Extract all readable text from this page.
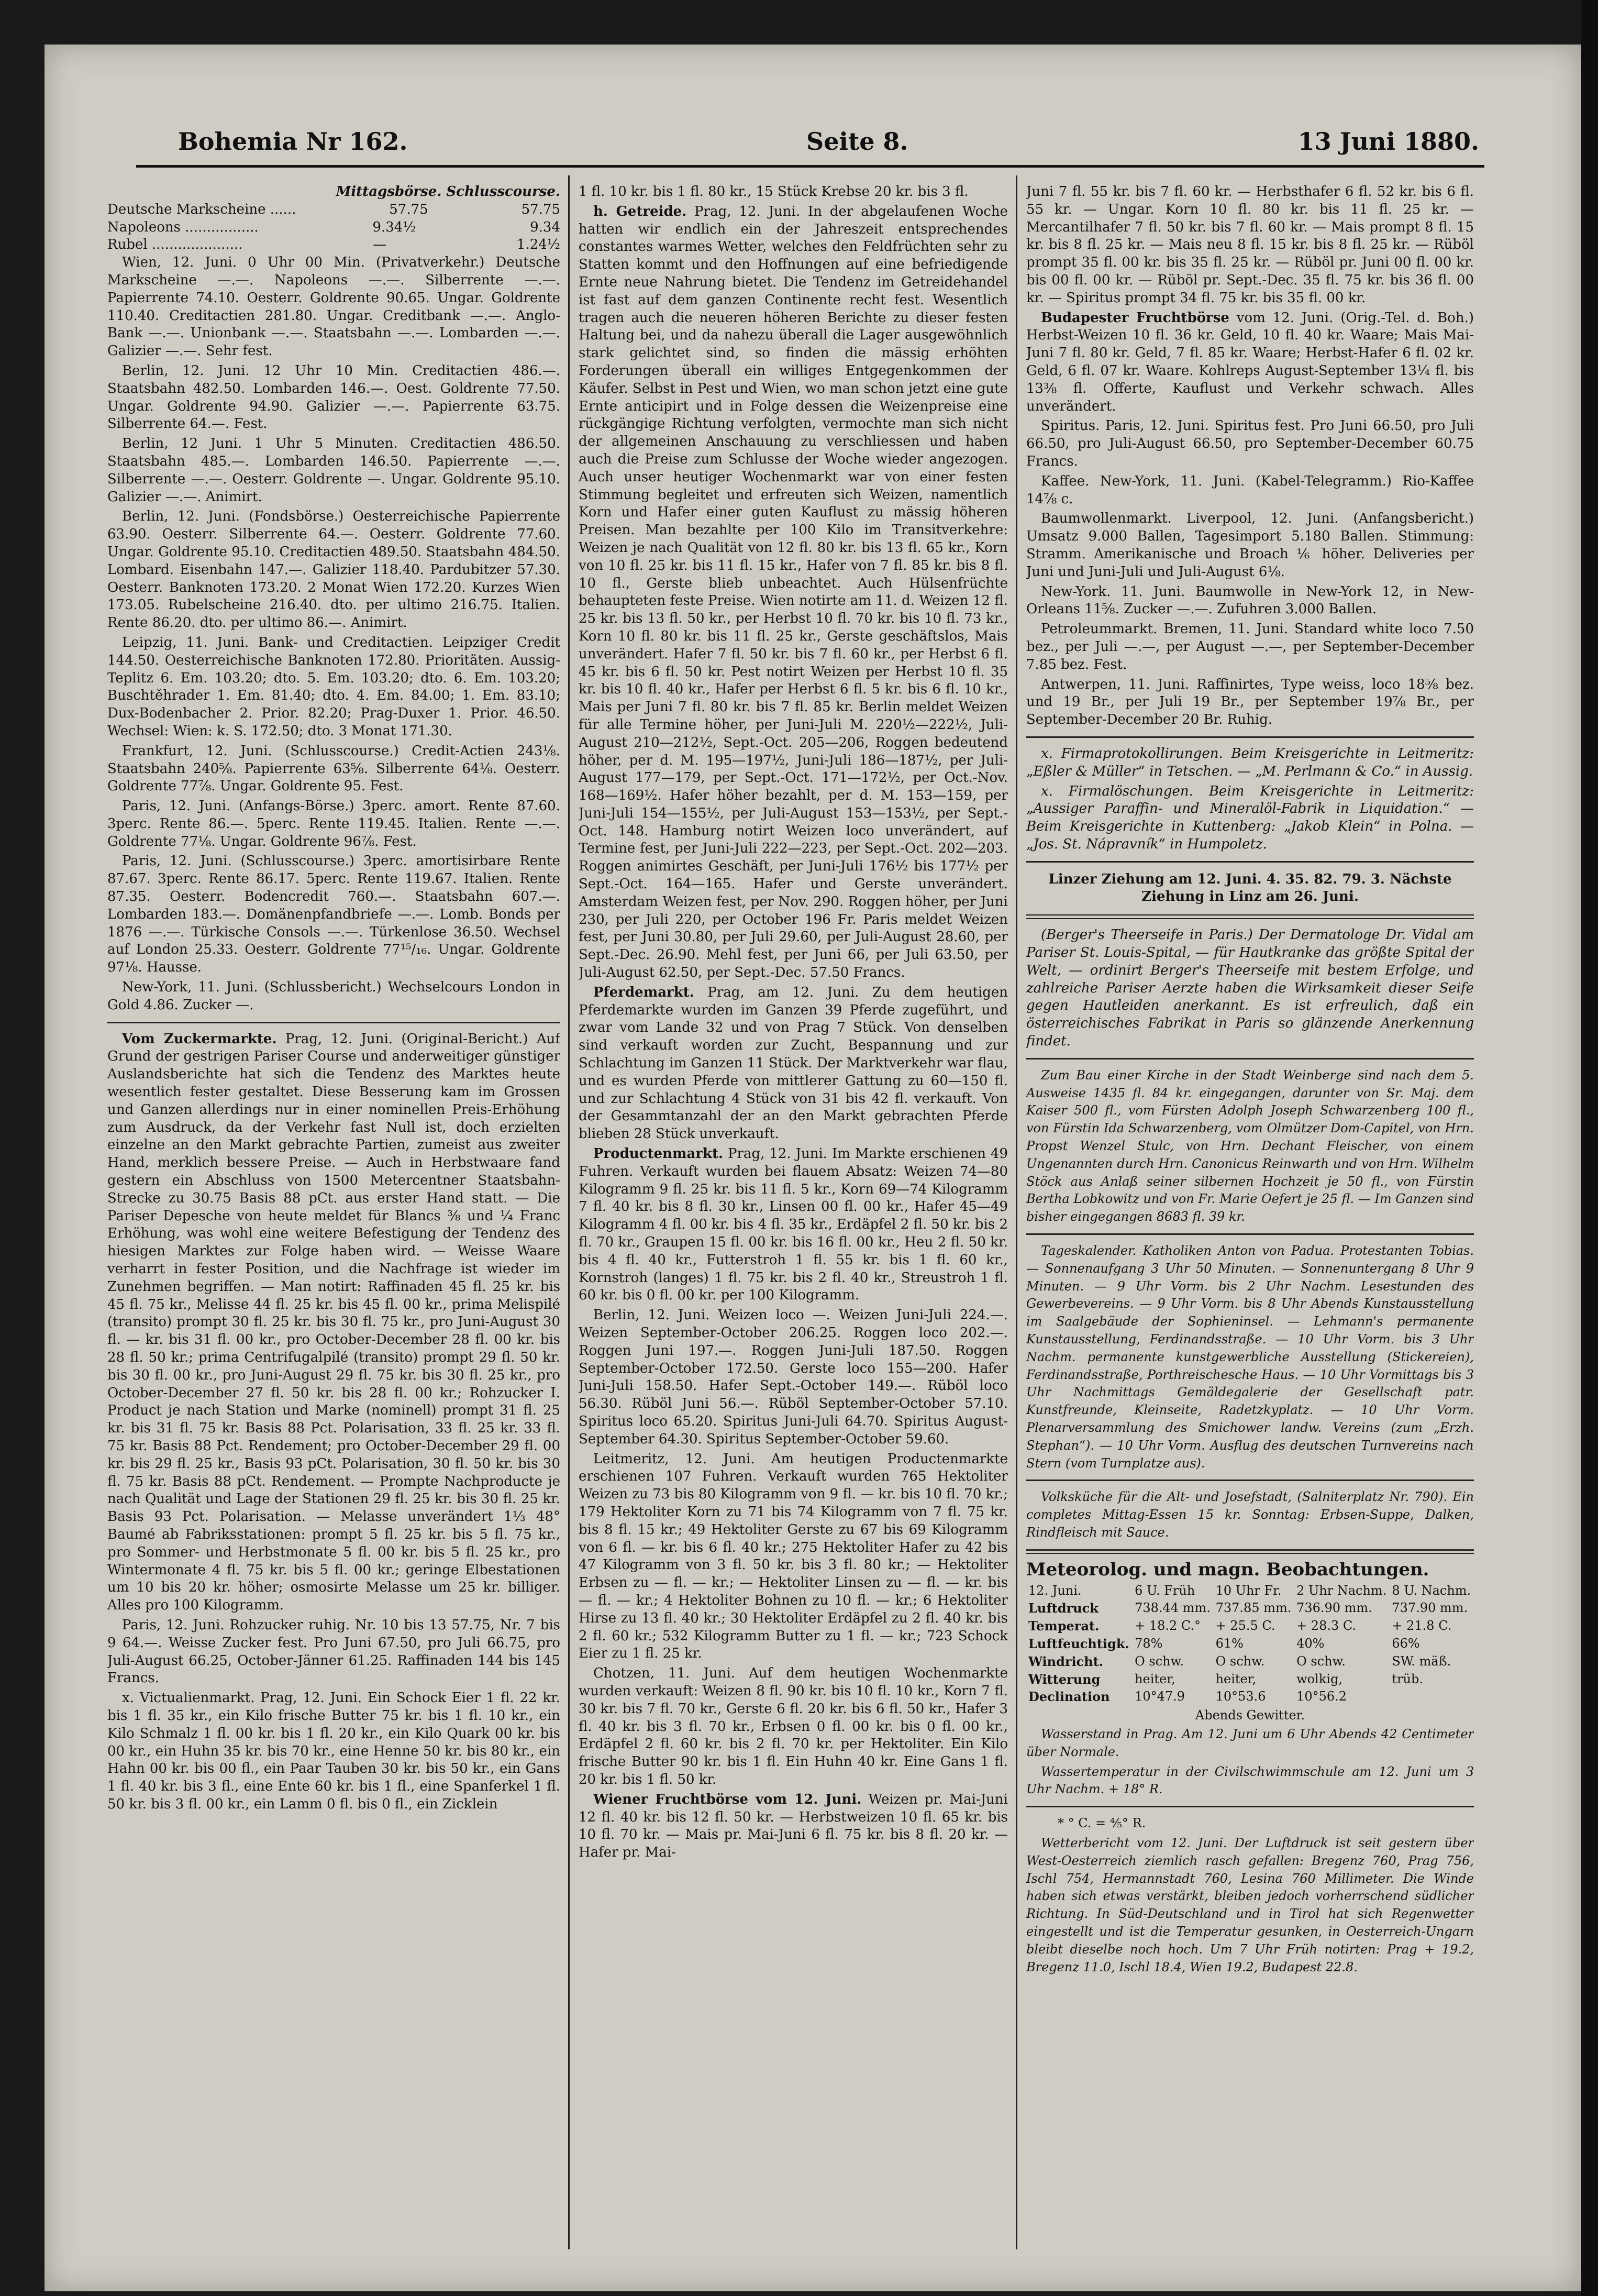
Bohemia Nr 162.	Seite 8.	13 Juni 1880.
Mittagsbörse. Schlusscourse.
Deutsche Markscheine ......	57.75	57.75
Napoleons .................	9.34½	9.34
Rubel .....................	—	1.24½

Wien, 12. Juni. 0 Uhr 00 Min. (Privatverkehr.) Deutsche Markscheine —.—. Napoleons —.—. Silberrente —.—. Papierrente 74.10. Oesterr. Goldrente 90.65. Ungar. Goldrente 110.40. Creditactien 281.80. Ungar. Creditbank —.—. Anglo-Bank —.—. Unionbank —.—. Staatsbahn —.—. Lombarden —.—. Galizier —.—. Sehr fest.

Berlin, 12. Juni. 12 Uhr 10 Min. Creditactien 486.—. Staatsbahn 482.50. Lombarden 146.—. Oest. Goldrente 77.50. Ungar. Goldrente 94.90. Galizier —.—. Papierrente 63.75. Silberrente 64.—. Fest.

Berlin, 12 Juni. 1 Uhr 5 Minuten. Creditactien 486.50. Staatsbahn 485.—. Lombarden 146.50. Papierrente —.—. Silberrente —.—. Oesterr. Goldrente —. Ungar. Goldrente 95.10. Galizier —.—. Animirt.

Berlin, 12. Juni. (Fondsbörse.) Oesterreichische Papierrente 63.90. Oesterr. Silberrente 64.—. Oesterr. Goldrente 77.60. Ungar. Goldrente 95.10. Creditactien 489.50. Staatsbahn 484.50. Lombard. Eisenbahn 147.—. Galizier 118.40. Pardubitzer 57.30. Oesterr. Banknoten 173.20. 2 Monat Wien 172.20. Kurzes Wien 173.05. Rubelscheine 216.40. dto. per ultimo 216.75. Italien. Rente 86.20. dto. per ultimo 86.—. Animirt.

Leipzig, 11. Juni. Bank- und Creditactien. Leipziger Credit 144.50. Oesterreichische Banknoten 172.80. Prioritäten. Aussig-Teplitz 6. Em. 103.20; dto. 5. Em. 103.20; dto. 6. Em. 103.20; Buschtěhrader 1. Em. 81.40; dto. 4. Em. 84.00; 1. Em. 83.10; Dux-Bodenbacher 2. Prior. 82.20; Prag-Duxer 1. Prior. 46.50. Wechsel: Wien: k. S. 172.50; dto. 3 Monat 171.30.

Frankfurt, 12. Juni. (Schlusscourse.) Credit-Actien 243⅛. Staatsbahn 240⅝. Papierrente 63⅝. Silberrente 64⅛. Oesterr. Goldrente 77⅞. Ungar. Goldrente 95. Fest.

Paris, 12. Juni. (Anfangs-Börse.) 3perc. amort. Rente 87.60. 3perc. Rente 86.—. 5perc. Rente 119.45. Italien. Rente —.—. Goldrente 77⅛. Ungar. Goldrente 96⅞. Fest.

Paris, 12. Juni. (Schlusscourse.) 3perc. amortisirbare Rente 87.67. 3perc. Rente 86.17. 5perc. Rente 119.67. Italien. Rente 87.35. Oesterr. Bodencredit 760.—. Staatsbahn 607.—. Lombarden 183.—. Domänenpfandbriefe —.—. Lomb. Bonds per 1876 —.—. Türkische Consols —.—. Türkenlose 36.50. Wechsel auf London 25.33. Oesterr. Goldrente 77¹⁵/₁₆. Ungar. Goldrente 97⅛. Hausse.

New-York, 11. Juni. (Schlussbericht.) Wechselcours London in Gold 4.86. Zucker —.

Vom Zuckermarkte. Prag, 12. Juni. (Original-Bericht.) Auf Grund der gestrigen Pariser Course und anderweitiger günstiger Auslandsberichte hat sich die Tendenz des Marktes heute wesentlich fester gestaltet. Diese Besserung kam im Grossen und Ganzen allerdings nur in einer nominellen Preis-Erhöhung zum Ausdruck, da der Verkehr fast Null ist, doch erzielten einzelne an den Markt gebrachte Partien, zumeist aus zweiter Hand, merklich bessere Preise. — Auch in Herbstwaare fand gestern ein Abschluss von 1500 Metercentner Staatsbahn-Strecke zu 30.75 Basis 88 pCt. aus erster Hand statt. — Die Pariser Depesche von heute meldet für Blancs ⅜ und ¼ Franc Erhöhung, was wohl eine weitere Befestigung der Tendenz des hiesigen Marktes zur Folge haben wird. — Weisse Waare verharrt in fester Position, und die Nachfrage ist wieder im Zunehmen begriffen. — Man notirt: Raffinaden 45 fl. 25 kr. bis 45 fl. 75 kr., Melisse 44 fl. 25 kr. bis 45 fl. 00 kr., prima Melispilé (transito) prompt 30 fl. 25 kr. bis 30 fl. 75 kr., pro Juni-August 30 fl. — kr. bis 31 fl. 00 kr., pro October-December 28 fl. 00 kr. bis 28 fl. 50 kr.; prima Centrifugalpilé (transito) prompt 29 fl. 50 kr. bis 30 fl. 00 kr., pro Juni-August 29 fl. 75 kr. bis 30 fl. 25 kr., pro October-December 27 fl. 50 kr. bis 28 fl. 00 kr.; Rohzucker I. Product je nach Station und Marke (nominell) prompt 31 fl. 25 kr. bis 31 fl. 75 kr. Basis 88 Pct. Polarisation, 33 fl. 25 kr. 33 fl. 75 kr. Basis 88 Pct. Rendement; pro October-December 29 fl. 00 kr. bis 29 fl. 25 kr., Basis 93 pCt. Polarisation, 30 fl. 50 kr. bis 30 fl. 75 kr. Basis 88 pCt. Rendement. — Prompte Nachproducte je nach Qualität und Lage der Stationen 29 fl. 25 kr. bis 30 fl. 25 kr. Basis 93 Pct. Polarisation. — Melasse unverändert 1⅓ 48° Baumé ab Fabriksstationen: prompt 5 fl. 25 kr. bis 5 fl. 75 kr., pro Sommer- und Herbstmonate 5 fl. 00 kr. bis 5 fl. 25 kr., pro Wintermonate 4 fl. 75 kr. bis 5 fl. 00 kr.; geringe Elbestationen um 10 bis 20 kr. höher; osmosirte Melasse um 25 kr. billiger. Alles pro 100 Kilogramm.

Paris, 12. Juni. Rohzucker ruhig. Nr. 10 bis 13 57.75, Nr. 7 bis 9 64.—. Weisse Zucker fest. Pro Juni 67.50, pro Juli 66.75, pro Juli-August 66.25, October-Jänner 61.25. Raffinaden 144 bis 145 Francs.

x. Victualienmarkt. Prag, 12. Juni. Ein Schock Eier 1 fl. 22 kr. bis 1 fl. 35 kr., ein Kilo frische Butter 75 kr. bis 1 fl. 10 kr., ein Kilo Schmalz 1 fl. 00 kr. bis 1 fl. 20 kr., ein Kilo Quark 00 kr. bis 00 kr., ein Huhn 35 kr. bis 70 kr., eine Henne 50 kr. bis 80 kr., ein Hahn 00 kr. bis 00 fl., ein Paar Tauben 30 kr. bis 50 kr., ein Gans 1 fl. 40 kr. bis 3 fl., eine Ente 60 kr. bis 1 fl., eine Spanferkel 1 fl. 50 kr. bis 3 fl. 00 kr., ein Lamm 0 fl. bis 0 fl., ein Zicklein

1 fl. 10 kr. bis 1 fl. 80 kr., 15 Stück Krebse 20 kr. bis 3 fl.

h. Getreide. Prag, 12. Juni. In der abgelaufenen Woche hatten wir endlich ein der Jahreszeit entsprechendes constantes warmes Wetter, welches den Feldfrüchten sehr zu Statten kommt und den Hoffnungen auf eine befriedigende Ernte neue Nahrung bietet. Die Tendenz im Getreidehandel ist fast auf dem ganzen Continente recht fest. Wesentlich tragen auch die neueren höheren Berichte zu dieser festen Haltung bei, und da nahezu überall die Lager ausgewöhnlich stark gelichtet sind, so finden die mässig erhöhten Forderungen überall ein williges Entgegenkommen der Käufer. Selbst in Pest und Wien, wo man schon jetzt eine gute Ernte anticipirt und in Folge dessen die Weizenpreise eine rückgängige Richtung verfolgten, vermochte man sich nicht der allgemeinen Anschauung zu verschliessen und haben auch die Preise zum Schlusse der Woche wieder angezogen. Auch unser heutiger Wochenmarkt war von einer festen Stimmung begleitet und erfreuten sich Weizen, namentlich Korn und Hafer einer guten Kauflust zu mässig höheren Preisen. Man bezahlte per 100 Kilo im Transitverkehre: Weizen je nach Qualität von 12 fl. 80 kr. bis 13 fl. 65 kr., Korn von 10 fl. 25 kr. bis 11 fl. 15 kr., Hafer von 7 fl. 85 kr. bis 8 fl. 10 fl., Gerste blieb unbeachtet. Auch Hülsenfrüchte behaupteten feste Preise. Wien notirte am 11. d. Weizen 12 fl. 25 kr. bis 13 fl. 50 kr., per Herbst 10 fl. 70 kr. bis 10 fl. 73 kr., Korn 10 fl. 80 kr. bis 11 fl. 25 kr., Gerste geschäftslos, Mais unverändert. Hafer 7 fl. 50 kr. bis 7 fl. 60 kr., per Herbst 6 fl. 45 kr. bis 6 fl. 50 kr. Pest notirt Weizen per Herbst 10 fl. 35 kr. bis 10 fl. 40 kr., Hafer per Herbst 6 fl. 5 kr. bis 6 fl. 10 kr., Mais per Juni 7 fl. 80 kr. bis 7 fl. 85 kr. Berlin meldet Weizen für alle Termine höher, per Juni-Juli M. 220½—222½, Juli-August 210—212½, Sept.-Oct. 205—206, Roggen bedeutend höher, per d. M. 195—197½, Juni-Juli 186—187½, per Juli-August 177—179, per Sept.-Oct. 171—172½, per Oct.-Nov. 168—169½. Hafer höher bezahlt, per d. M. 153—159, per Juni-Juli 154—155½, per Juli-August 153—153½, per Sept.-Oct. 148. Hamburg notirt Weizen loco unverändert, auf Termine fest, per Juni-Juli 222—223, per Sept.-Oct. 202—203. Roggen animirtes Geschäft, per Juni-Juli 176½ bis 177½ per Sept.-Oct. 164—165. Hafer und Gerste unverändert. Amsterdam Weizen fest, per Nov. 290. Roggen höher, per Juni 230, per Juli 220, per October 196 Fr. Paris meldet Weizen fest, per Juni 30.80, per Juli 29.60, per Juli-August 28.60, per Sept.-Dec. 26.90. Mehl fest, per Juni 66, per Juli 63.50, per Juli-August 62.50, per Sept.-Dec. 57.50 Francs.

Pferdemarkt. Prag, am 12. Juni. Zu dem heutigen Pferdemarkte wurden im Ganzen 39 Pferde zugeführt, und zwar vom Lande 32 und von Prag 7 Stück. Von denselben sind verkauft worden zur Zucht, Bespannung und zur Schlachtung im Ganzen 11 Stück. Der Marktverkehr war flau, und es wurden Pferde von mittlerer Gattung zu 60—150 fl. und zur Schlachtung 4 Stück von 31 bis 42 fl. verkauft. Von der Gesammtanzahl der an den Markt gebrachten Pferde blieben 28 Stück unverkauft.

Productenmarkt. Prag, 12. Juni. Im Markte erschienen 49 Fuhren. Verkauft wurden bei flauem Absatz: Weizen 74—80 Kilogramm 9 fl. 25 kr. bis 11 fl. 5 kr., Korn 69—74 Kilogramm 7 fl. 40 kr. bis 8 fl. 30 kr., Linsen 00 fl. 00 kr., Hafer 45—49 Kilogramm 4 fl. 00 kr. bis 4 fl. 35 kr., Erdäpfel 2 fl. 50 kr. bis 2 fl. 70 kr., Graupen 15 fl. 00 kr. bis 16 fl. 00 kr., Heu 2 fl. 50 kr. bis 4 fl. 40 kr., Futterstroh 1 fl. 55 kr. bis 1 fl. 60 kr., Kornstroh (langes) 1 fl. 75 kr. bis 2 fl. 40 kr., Streustroh 1 fl. 60 kr. bis 0 fl. 00 kr. per 100 Kilogramm.

Berlin, 12. Juni. Weizen loco —. Weizen Juni-Juli 224.—. Weizen September-October 206.25. Roggen loco 202.—. Roggen Juni 197.—. Roggen Juni-Juli 187.50. Roggen September-October 172.50. Gerste loco 155—200. Hafer Juni-Juli 158.50. Hafer Sept.-October 149.—. Rüböl loco 56.30. Rüböl Juni 56.—. Rüböl September-October 57.10. Spiritus loco 65.20. Spiritus Juni-Juli 64.70. Spiritus August-September 64.30. Spiritus September-October 59.60.

Leitmeritz, 12. Juni. Am heutigen Productenmarkte erschienen 107 Fuhren. Verkauft wurden 765 Hektoliter Weizen zu 73 bis 80 Kilogramm von 9 fl. — kr. bis 10 fl. 70 kr.; 179 Hektoliter Korn zu 71 bis 74 Kilogramm von 7 fl. 75 kr. bis 8 fl. 15 kr.; 49 Hektoliter Gerste zu 67 bis 69 Kilogramm von 6 fl. — kr. bis 6 fl. 40 kr.; 275 Hektoliter Hafer zu 42 bis 47 Kilogramm von 3 fl. 50 kr. bis 3 fl. 80 kr.; — Hektoliter Erbsen zu — fl. — kr.; — Hektoliter Linsen zu — fl. — kr. bis — fl. — kr.; 4 Hektoliter Bohnen zu 10 fl. — kr.; 6 Hektoliter Hirse zu 13 fl. 40 kr.; 30 Hektoliter Erdäpfel zu 2 fl. 40 kr. bis 2 fl. 60 kr.; 532 Kilogramm Butter zu 1 fl. — kr.; 723 Schock Eier zu 1 fl. 25 kr.

Chotzen, 11. Juni. Auf dem heutigen Wochenmarkte wurden verkauft: Weizen 8 fl. 90 kr. bis 10 fl. 10 kr., Korn 7 fl. 30 kr. bis 7 fl. 70 kr., Gerste 6 fl. 20 kr. bis 6 fl. 50 kr., Hafer 3 fl. 40 kr. bis 3 fl. 70 kr., Erbsen 0 fl. 00 kr. bis 0 fl. 00 kr., Erdäpfel 2 fl. 60 kr. bis 2 fl. 70 kr. per Hektoliter. Ein Kilo frische Butter 90 kr. bis 1 fl. Ein Huhn 40 kr. Eine Gans 1 fl. 20 kr. bis 1 fl. 50 kr.

Wiener Fruchtbörse vom 12. Juni. Weizen pr. Mai-Juni 12 fl. 40 kr. bis 12 fl. 50 kr. — Herbstweizen 10 fl. 65 kr. bis 10 fl. 70 kr. — Mais pr. Mai-Juni 6 fl. 75 kr. bis 8 fl. 20 kr. — Hafer pr. Mai-

Juni 7 fl. 55 kr. bis 7 fl. 60 kr. — Herbsthafer 6 fl. 52 kr. bis 6 fl. 55 kr. — Ungar. Korn 10 fl. 80 kr. bis 11 fl. 25 kr. — Mercantilhafer 7 fl. 50 kr. bis 7 fl. 60 kr. — Mais prompt 8 fl. 15 kr. bis 8 fl. 25 kr. — Mais neu 8 fl. 15 kr. bis 8 fl. 25 kr. — Rüböl prompt 35 fl. 00 kr. bis 35 fl. 25 kr. — Rüböl pr. Juni 00 fl. 00 kr. bis 00 fl. 00 kr. — Rüböl pr. Sept.-Dec. 35 fl. 75 kr. bis 36 fl. 00 kr. — Spiritus prompt 34 fl. 75 kr. bis 35 fl. 00 kr.

Budapester Fruchtbörse vom 12. Juni. (Orig.-Tel. d. Boh.) Herbst-Weizen 10 fl. 36 kr. Geld, 10 fl. 40 kr. Waare; Mais Mai-Juni 7 fl. 80 kr. Geld, 7 fl. 85 kr. Waare; Herbst-Hafer 6 fl. 02 kr. Geld, 6 fl. 07 kr. Waare. Kohlreps August-September 13¼ fl. bis 13⅜ fl. Offerte, Kauflust und Verkehr schwach. Alles unverändert.

Spiritus. Paris, 12. Juni. Spiritus fest. Pro Juni 66.50, pro Juli 66.50, pro Juli-August 66.50, pro September-December 60.75 Francs.

Kaffee. New-York, 11. Juni. (Kabel-Telegramm.) Rio-Kaffee 14⅞ c.

Baumwollenmarkt. Liverpool, 12. Juni. (Anfangsbericht.) Umsatz 9.000 Ballen, Tagesimport 5.180 Ballen. Stimmung: Stramm. Amerikanische und Broach ⅙ höher. Deliveries per Juni und Juni-Juli und Juli-August 6⅛.

New-York. 11. Juni. Baumwolle in New-York 12, in New-Orleans 11⅝. Zucker —.—. Zufuhren 3.000 Ballen.

Petroleummarkt. Bremen, 11. Juni. Standard white loco 7.50 bez., per Juli —.—, per August —.—, per September-December 7.85 bez. Fest.

Antwerpen, 11. Juni. Raffinirtes, Type weiss, loco 18⅝ bez. und 19 Br., per Juli 19 Br., per September 19⅞ Br., per September-December 20 Br. Ruhig.

x. Firmaprotokollirungen. Beim Kreisgerichte in Leitmeritz: „Eßler & Müller“ in Tetschen. — „M. Perlmann & Co.“ in Aussig.

x. Firmalöschungen. Beim Kreisgerichte in Leitmeritz: „Aussiger Paraffin- und Mineralöl-Fabrik in Liquidation.“ — Beim Kreisgerichte in Kuttenberg: „Jakob Klein“ in Polna. — „Jos. St. Nápravník“ in Humpoletz.

Linzer Ziehung am 12. Juni. 4. 35. 82. 79. 3. Nächste Ziehung in Linz am 26. Juni.

(Berger's Theerseife in Paris.) Der Dermatologe Dr. Vidal am Pariser St. Louis-Spital, — für Hautkranke das größte Spital der Welt, — ordinirt Berger's Theerseife mit bestem Erfolge, und zahlreiche Pariser Aerzte haben die Wirksamkeit dieser Seife gegen Hautleiden anerkannt. Es ist erfreulich, daß ein österreichisches Fabrikat in Paris so glänzende Anerkennung findet.

Zum Bau einer Kirche in der Stadt Weinberge sind nach dem 5. Ausweise 1435 fl. 84 kr. eingegangen, darunter von Sr. Maj. dem Kaiser 500 fl., vom Fürsten Adolph Joseph Schwarzenberg 100 fl., von Fürstin Ida Schwarzenberg, vom Olmützer Dom-Capitel, von Hrn. Propst Wenzel Stulc, von Hrn. Dechant Fleischer, von einem Ungenannten durch Hrn. Canonicus Reinwarth und von Hrn. Wilhelm Stöck aus Anlaß seiner silbernen Hochzeit je 50 fl., von Fürstin Bertha Lobkowitz und von Fr. Marie Oefert je 25 fl. — Im Ganzen sind bisher eingegangen 8683 fl. 39 kr.

Tageskalender. Katholiken Anton von Padua. Protestanten Tobias. — Sonnenaufgang 3 Uhr 50 Minuten. — Sonnenuntergang 8 Uhr 9 Minuten. — 9 Uhr Vorm. bis 2 Uhr Nachm. Lesestunden des Gewerbevereins. — 9 Uhr Vorm. bis 8 Uhr Abends Kunstausstellung im Saalgebäude der Sophieninsel. — Lehmann's permanente Kunstausstellung, Ferdinandsstraße. — 10 Uhr Vorm. bis 3 Uhr Nachm. permanente kunstgewerbliche Ausstellung (Stickereien), Ferdinandsstraße, Porthreischesche Haus. — 10 Uhr Vormittags bis 3 Uhr Nachmittags Gemäldegalerie der Gesellschaft patr. Kunstfreunde, Kleinseite, Radetzkyplatz. — 10 Uhr Vorm. Plenarversammlung des Smichower landw. Vereins (zum „Erzh. Stephan“). — 10 Uhr Vorm. Ausflug des deutschen Turnvereins nach Stern (vom Turnplatze aus).

Volksküche für die Alt- und Josefstadt, (Salniterplatz Nr. 790). Ein completes Mittag-Essen 15 kr. Sonntag: Erbsen-Suppe, Dalken, Rindfleisch mit Sauce.

Meteorolog. und magn. Beobachtungen.
12. Juni.	6 U. Früh	10 Uhr Fr.	2 Uhr Nachm.	8 U. Nachm.
Luftdruck	738.44 mm.	737.85 mm.	736.90 mm.	737.90 mm.
Temperat.	+ 18.2 C.°	+ 25.5 C.	+ 28.3 C.	+ 21.8 C.
Luftfeuchtigk.	78%	61%	40%	66%
Windricht.	O schw.	O schw.	O schw.	SW. mäß.
Witterung	heiter,	heiter,	wolkig,	trüb.
Declination	10°47.9	10°53.6	10°56.2	

Abends Gewitter.

Wasserstand in Prag. Am 12. Juni um 6 Uhr Abends 42 Centimeter über Normale.

Wassertemperatur in der Civilschwimmschule am 12. Juni um 3 Uhr Nachm. + 18° R.

* ° C. = ⅘° R.

Wetterbericht vom 12. Juni. Der Luftdruck ist seit gestern über West-Oesterreich ziemlich rasch gefallen: Bregenz 760, Prag 756, Ischl 754, Hermannstadt 760, Lesina 760 Millimeter. Die Winde haben sich etwas verstärkt, bleiben jedoch vorherrschend südlicher Richtung. In Süd-Deutschland und in Tirol hat sich Regenwetter eingestellt und ist die Temperatur gesunken, in Oesterreich-Ungarn bleibt dieselbe noch hoch. Um 7 Uhr Früh notirten: Prag + 19.2, Bregenz 11.0, Ischl 18.4, Wien 19.2, Budapest 22.8.
